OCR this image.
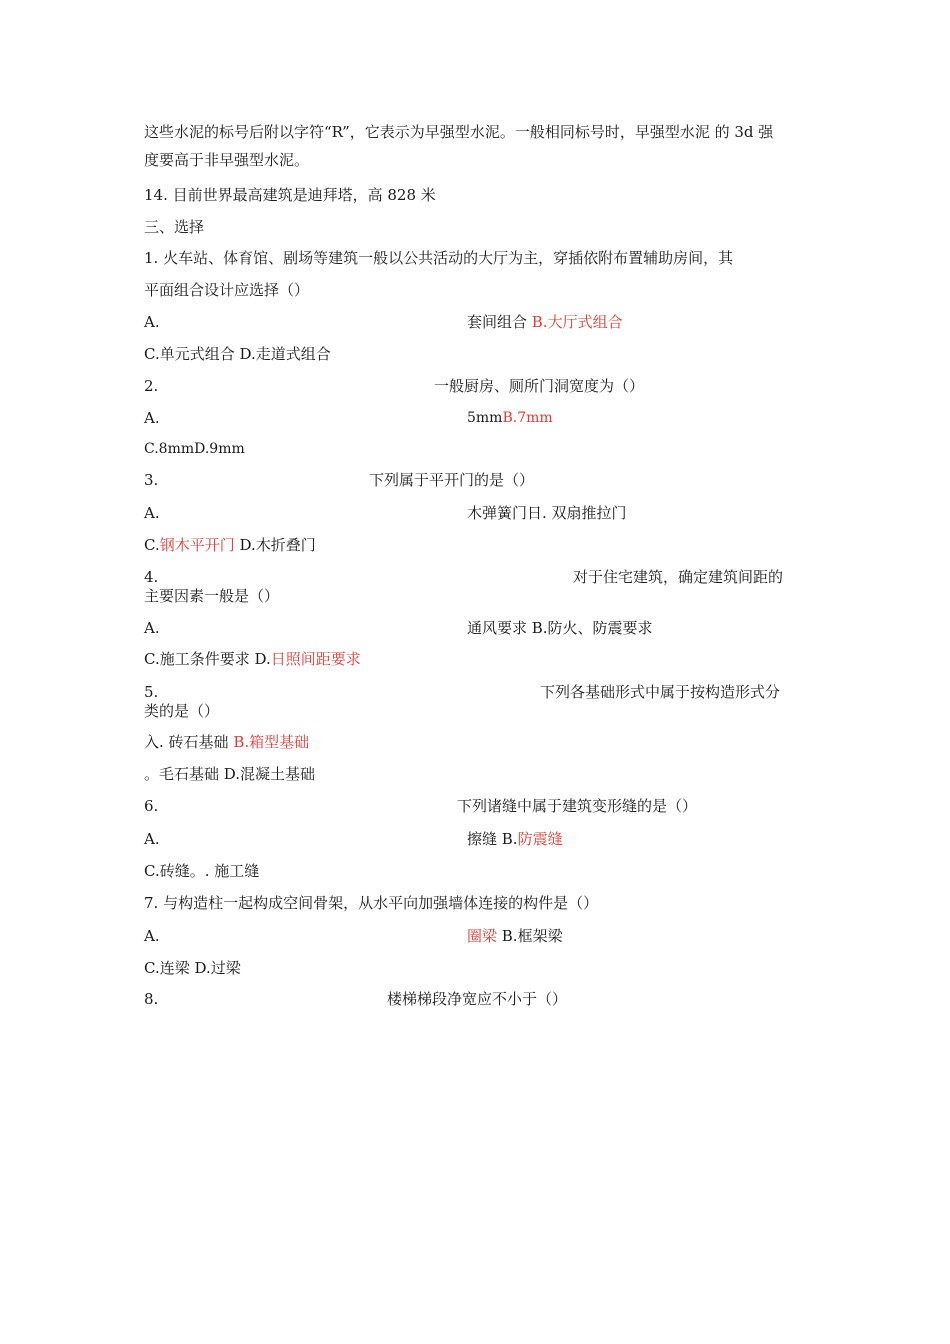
这些水泥的标号后附以字符“R”，它表示为早强型水泥。一般相同标号时，早强型水泥 的 3d 强
度要高于非早强型水泥。
14. 目前世界最高建筑是迪拜塔，高 828 米
三、选择
1. 火车站、体育馆、剧场等建筑一般以公共活动的大厅为主，穿插依附布置辅助房间，其
平面组合设计应选择（）
A.	套间组合 B.大厅式组合
C.单元式组合 D.走道式组合
2.	一般厨房、厕所门洞宽度为（）
A.	5mmB.7mm
C.8mmD.9mm
3.	下列属于平开门的是（）
A.	木弹簧门日. 双扇推拉门
C.钢木平开门 D.木折叠门
4.	对于住宅建筑，确定建筑间距的
主要因素一般是（）
A.	通风要求 B.防火、防震要求
C.施工条件要求 D.日照间距要求
5.	下列各基础形式中属于按构造形式分
类的是（）
入. 砖石基础 B.箱型基础
。毛石基础 D.混凝土基础
6.	下列诸缝中属于建筑变形缝的是（）
A.	擦缝 B.防震缝
C.砖缝。. 施工缝
7. 与构造柱一起构成空间骨架，从水平向加强墙体连接的构件是（）
A.	圈梁 B.框架梁
C.连梁 D.过梁
8.	楼梯梯段净宽应不小于（）
